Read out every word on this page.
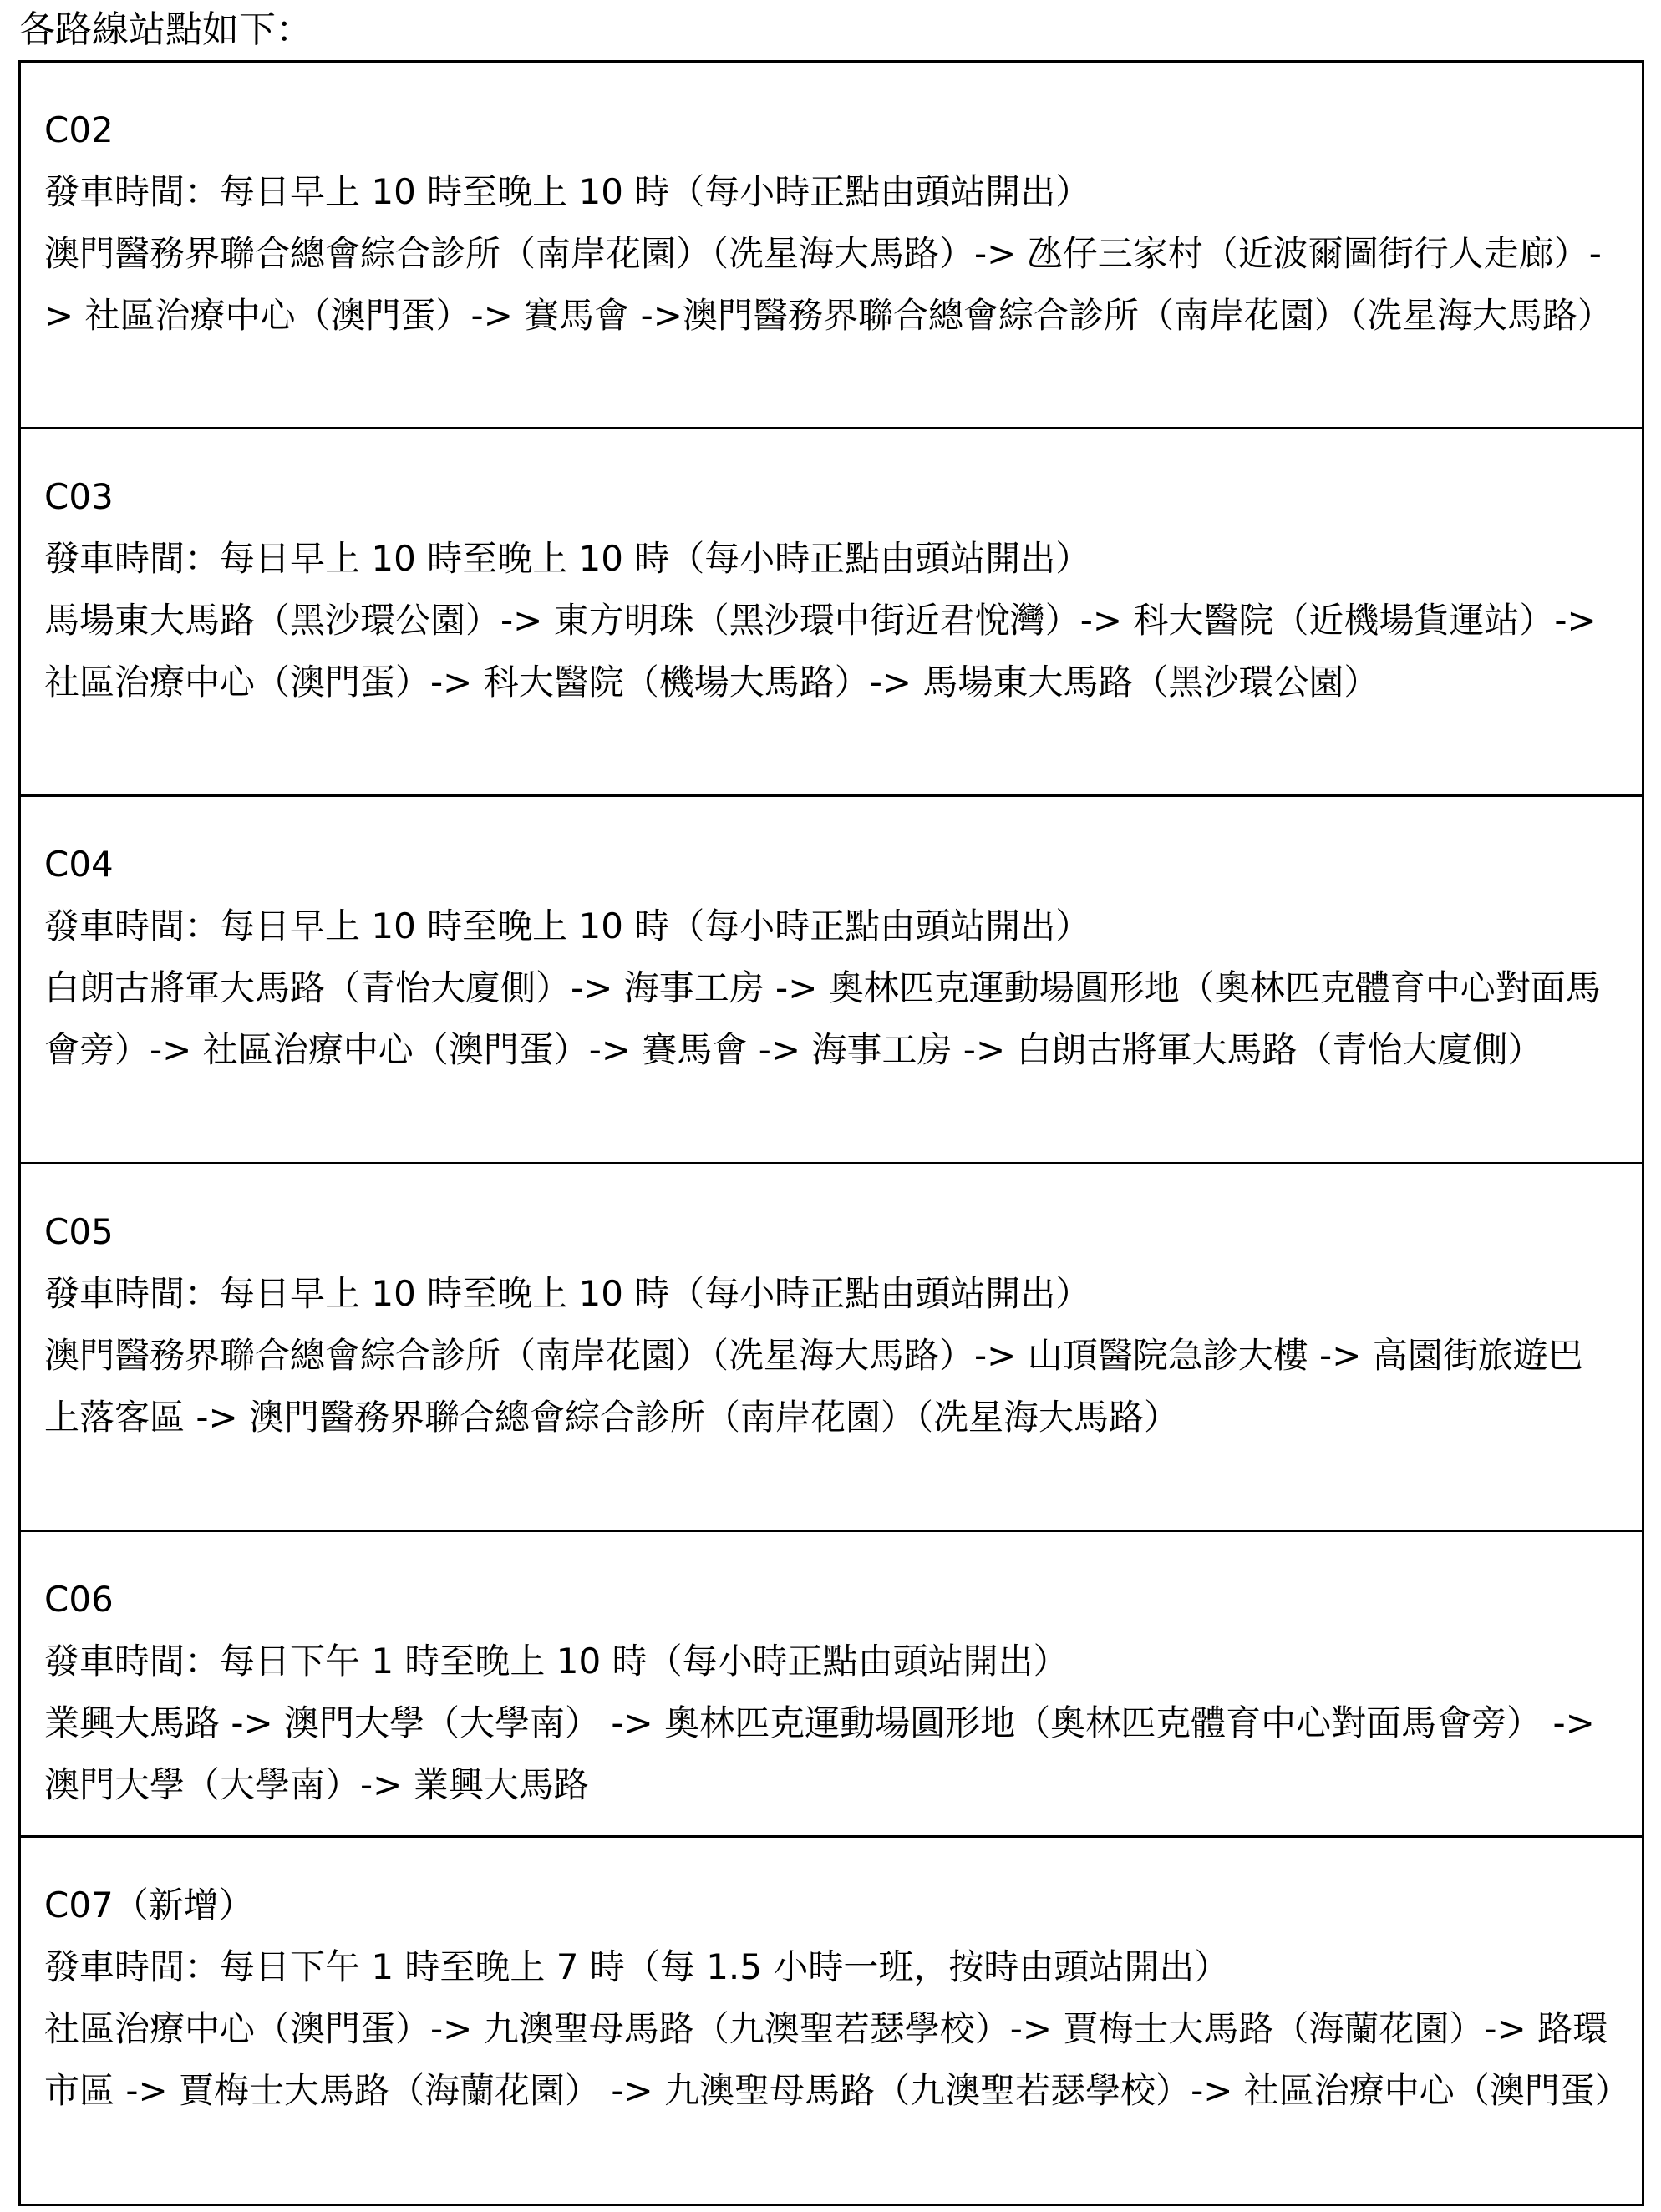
各路線站點如下：
C02
發車時間：每日早上 10 時至晚上 10 時（每小時正點由頭站開出）
澳門醫務界聯合總會綜合診所（南岸花園）（冼星海大馬路）-> 氹仔三家村（近波爾圖街行人走廊）-> 社區治療中心（澳門蛋）-> 賽馬會 ->澳門醫務界聯合總會綜合診所（南岸花園）（冼星海大馬路）
C03
發車時間：每日早上 10 時至晚上 10 時（每小時正點由頭站開出）
馬場東大馬路（黑沙環公園）-> 東方明珠（黑沙環中街近君悅灣）-> 科大醫院（近機場貨運站）-> 社區治療中心（澳門蛋）-> 科大醫院（機場大馬路）-> 馬場東大馬路（黑沙環公園）
C04
發車時間：每日早上 10 時至晚上 10 時（每小時正點由頭站開出）
白朗古將軍大馬路（青怡大廈側）-> 海事工房 -> 奧林匹克運動場圓形地（奧林匹克體育中心對面馬會旁）-> 社區治療中心（澳門蛋）-> 賽馬會 -> 海事工房 -> 白朗古將軍大馬路（青怡大廈側）
C05
發車時間：每日早上 10 時至晚上 10 時（每小時正點由頭站開出）
澳門醫務界聯合總會綜合診所（南岸花園）（冼星海大馬路）-> 山頂醫院急診大樓 -> 高園街旅遊巴上落客區 -> 澳門醫務界聯合總會綜合診所（南岸花園）（冼星海大馬路）
C06
發車時間：每日下午 1 時至晚上 10 時（每小時正點由頭站開出）
業興大馬路 -> 澳門大學（大學南） -> 奧林匹克運動場圓形地（奧林匹克體育中心對面馬會旁） -> 澳門大學（大學南）-> 業興大馬路
C07（新增）
發車時間：每日下午 1 時至晚上 7 時（每 1.5 小時一班，按時由頭站開出）
社區治療中心（澳門蛋）-> 九澳聖母馬路（九澳聖若瑟學校）-> 賈梅士大馬路（海蘭花園）-> 路環市區 -> 賈梅士大馬路（海蘭花園） -> 九澳聖母馬路（九澳聖若瑟學校）-> 社區治療中心（澳門蛋）
